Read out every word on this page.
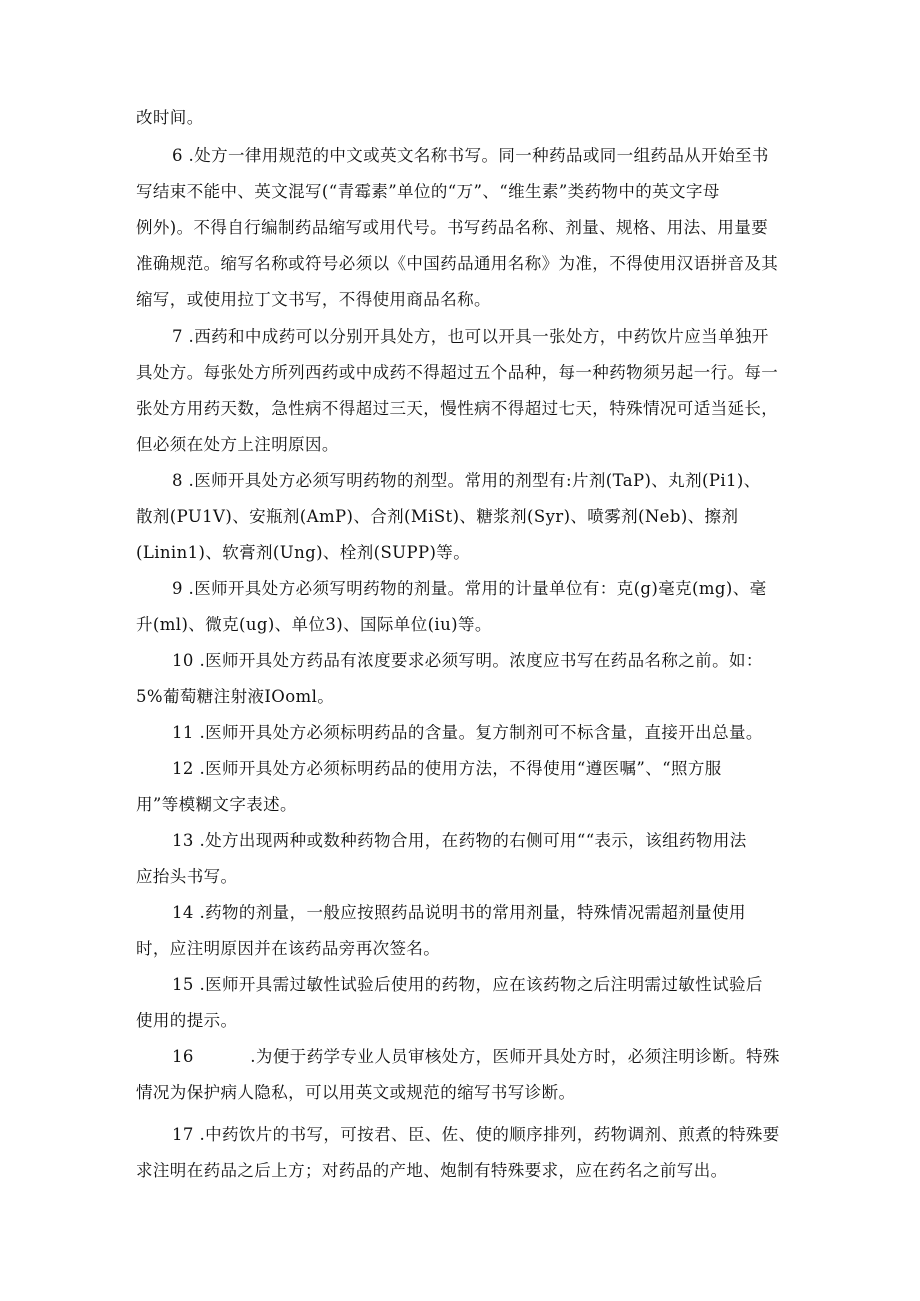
改时间。
6 .处方一律用规范的中文或英文名称书写。同一种药品或同一组药品从开始至书
写结束不能中、英文混写(“青霉素”单位的“万”、“维生素”类药物中的英文字母
例外)。不得自行编制药品缩写或用代号。书写药品名称、剂量、规格、用法、用量要
准确规范。缩写名称或符号必须以《中国药品通用名称》为准，不得使用汉语拼音及其
缩写，或使用拉丁文书写，不得使用商品名称。
7 .西药和中成药可以分别开具处方，也可以开具一张处方，中药饮片应当单独开
具处方。每张处方所列西药或中成药不得超过五个品种，每一种药物须另起一行。每一
张处方用药天数，急性病不得超过三天，慢性病不得超过七天，特殊情况可适当延长，
但必须在处方上注明原因。
8 .医师开具处方必须写明药物的剂型。常用的剂型有:片剂(TaP)、丸剂(Pi1)、
散剂(PU1V)、安瓶剂(AmP)、合剂(MiSt)、糖浆剂(Syr)、喷雾剂(Neb)、擦剂
(Linin1)、软膏剂(Ung)、栓剂(SUPP)等。
9 .医师开具处方必须写明药物的剂量。常用的计量单位有：克(g)毫克(mg)、毫
升(ml)、微克(ug)、单位3)、国际单位(iu)等。
10 .医师开具处方药品有浓度要求必须写明。浓度应书写在药品名称之前。如：
5%葡萄糖注射液IOoml。
11 .医师开具处方必须标明药品的含量。复方制剂可不标含量，直接开出总量。
12 .医师开具处方必须标明药品的使用方法，不得使用“遵医嘱”、“照方服
用”等模糊文字表述。
13 .处方出现两种或数种药物合用，在药物的右侧可用““表示，该组药物用法
应抬头书写。
14 .药物的剂量，一般应按照药品说明书的常用剂量，特殊情况需超剂量使用
时，应注明原因并在该药品旁再次签名。
15 .医师开具需过敏性试验后使用的药物，应在该药物之后注明需过敏性试验后
使用的提示。
16          .为便于药学专业人员审核处方，医师开具处方时，必须注明诊断。特殊
情况为保护病人隐私，可以用英文或规范的缩写书写诊断。
17 .中药饮片的书写，可按君、臣、佐、使的顺序排列，药物调剂、煎煮的特殊要
求注明在药品之后上方；对药品的产地、炮制有特殊要求，应在药名之前写出。
